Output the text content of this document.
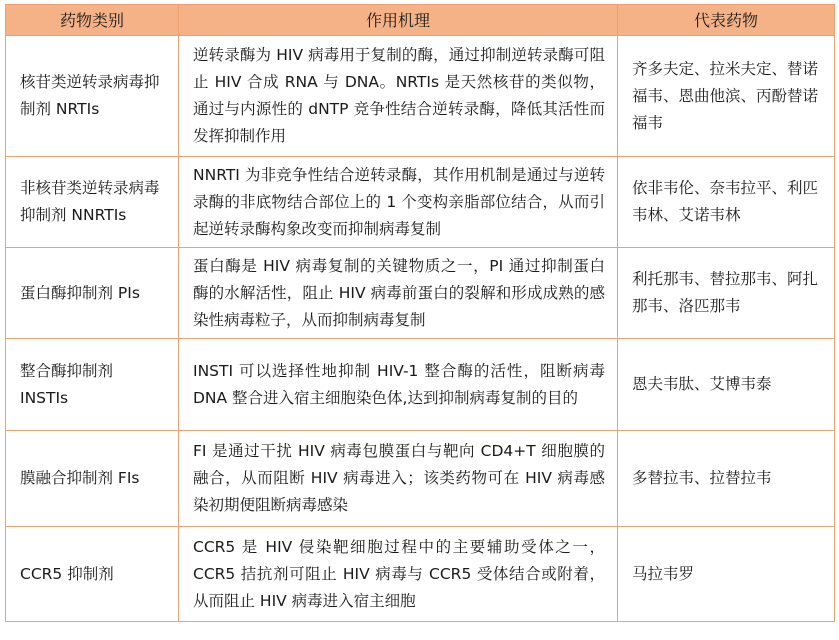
药物类别	作用机理	代表药物
核苷类逆转录病毒抑制剂 NRTIs	逆转录酶为 HIV 病毒用于复制的酶，通过抑制逆转录酶可阻止 HIV 合成 RNA 与 DNA。NRTIs 是天然核苷的类似物，通过与内源性的 dNTP 竞争性结合逆转录酶，降低其活性而发挥抑制作用	齐多夫定、拉米夫定、替诺福韦、恩曲他滨、丙酚替诺福韦
非核苷类逆转录病毒抑制剂 NNRTIs	NNRTI 为非竞争性结合逆转录酶，其作用机制是通过与逆转录酶的非底物结合部位上的 1 个变构亲脂部位结合，从而引起逆转录酶构象改变而抑制病毒复制	依非韦伦、奈韦拉平、利匹韦林、艾诺韦林
蛋白酶抑制剂 PIs	蛋白酶是 HIV 病毒复制的关键物质之一，PI 通过抑制蛋白酶的水解活性，阻止 HIV 病毒前蛋白的裂解和形成成熟的感染性病毒粒子，从而抑制病毒复制	利托那韦、替拉那韦、阿扎那韦、洛匹那韦
整合酶抑制剂 INSTIs	INSTI 可以选择性地抑制 HIV-1 整合酶的活性，阻断病毒 DNA 整合进入宿主细胞染色体,达到抑制病毒复制的目的	恩夫韦肽、艾博韦泰
膜融合抑制剂 FIs	FI 是通过干扰 HIV 病毒包膜蛋白与靶向 CD4+T 细胞膜的融合，从而阻断 HIV 病毒进入；该类药物可在 HIV 病毒感染初期便阻断病毒感染	多替拉韦、拉替拉韦
CCR5 抑制剂	CCR5 是 HIV 侵染靶细胞过程中的主要辅助受体之一，CCR5 拮抗剂可阻止 HIV 病毒与 CCR5 受体结合或附着，从而阻止 HIV 病毒进入宿主细胞	马拉韦罗
